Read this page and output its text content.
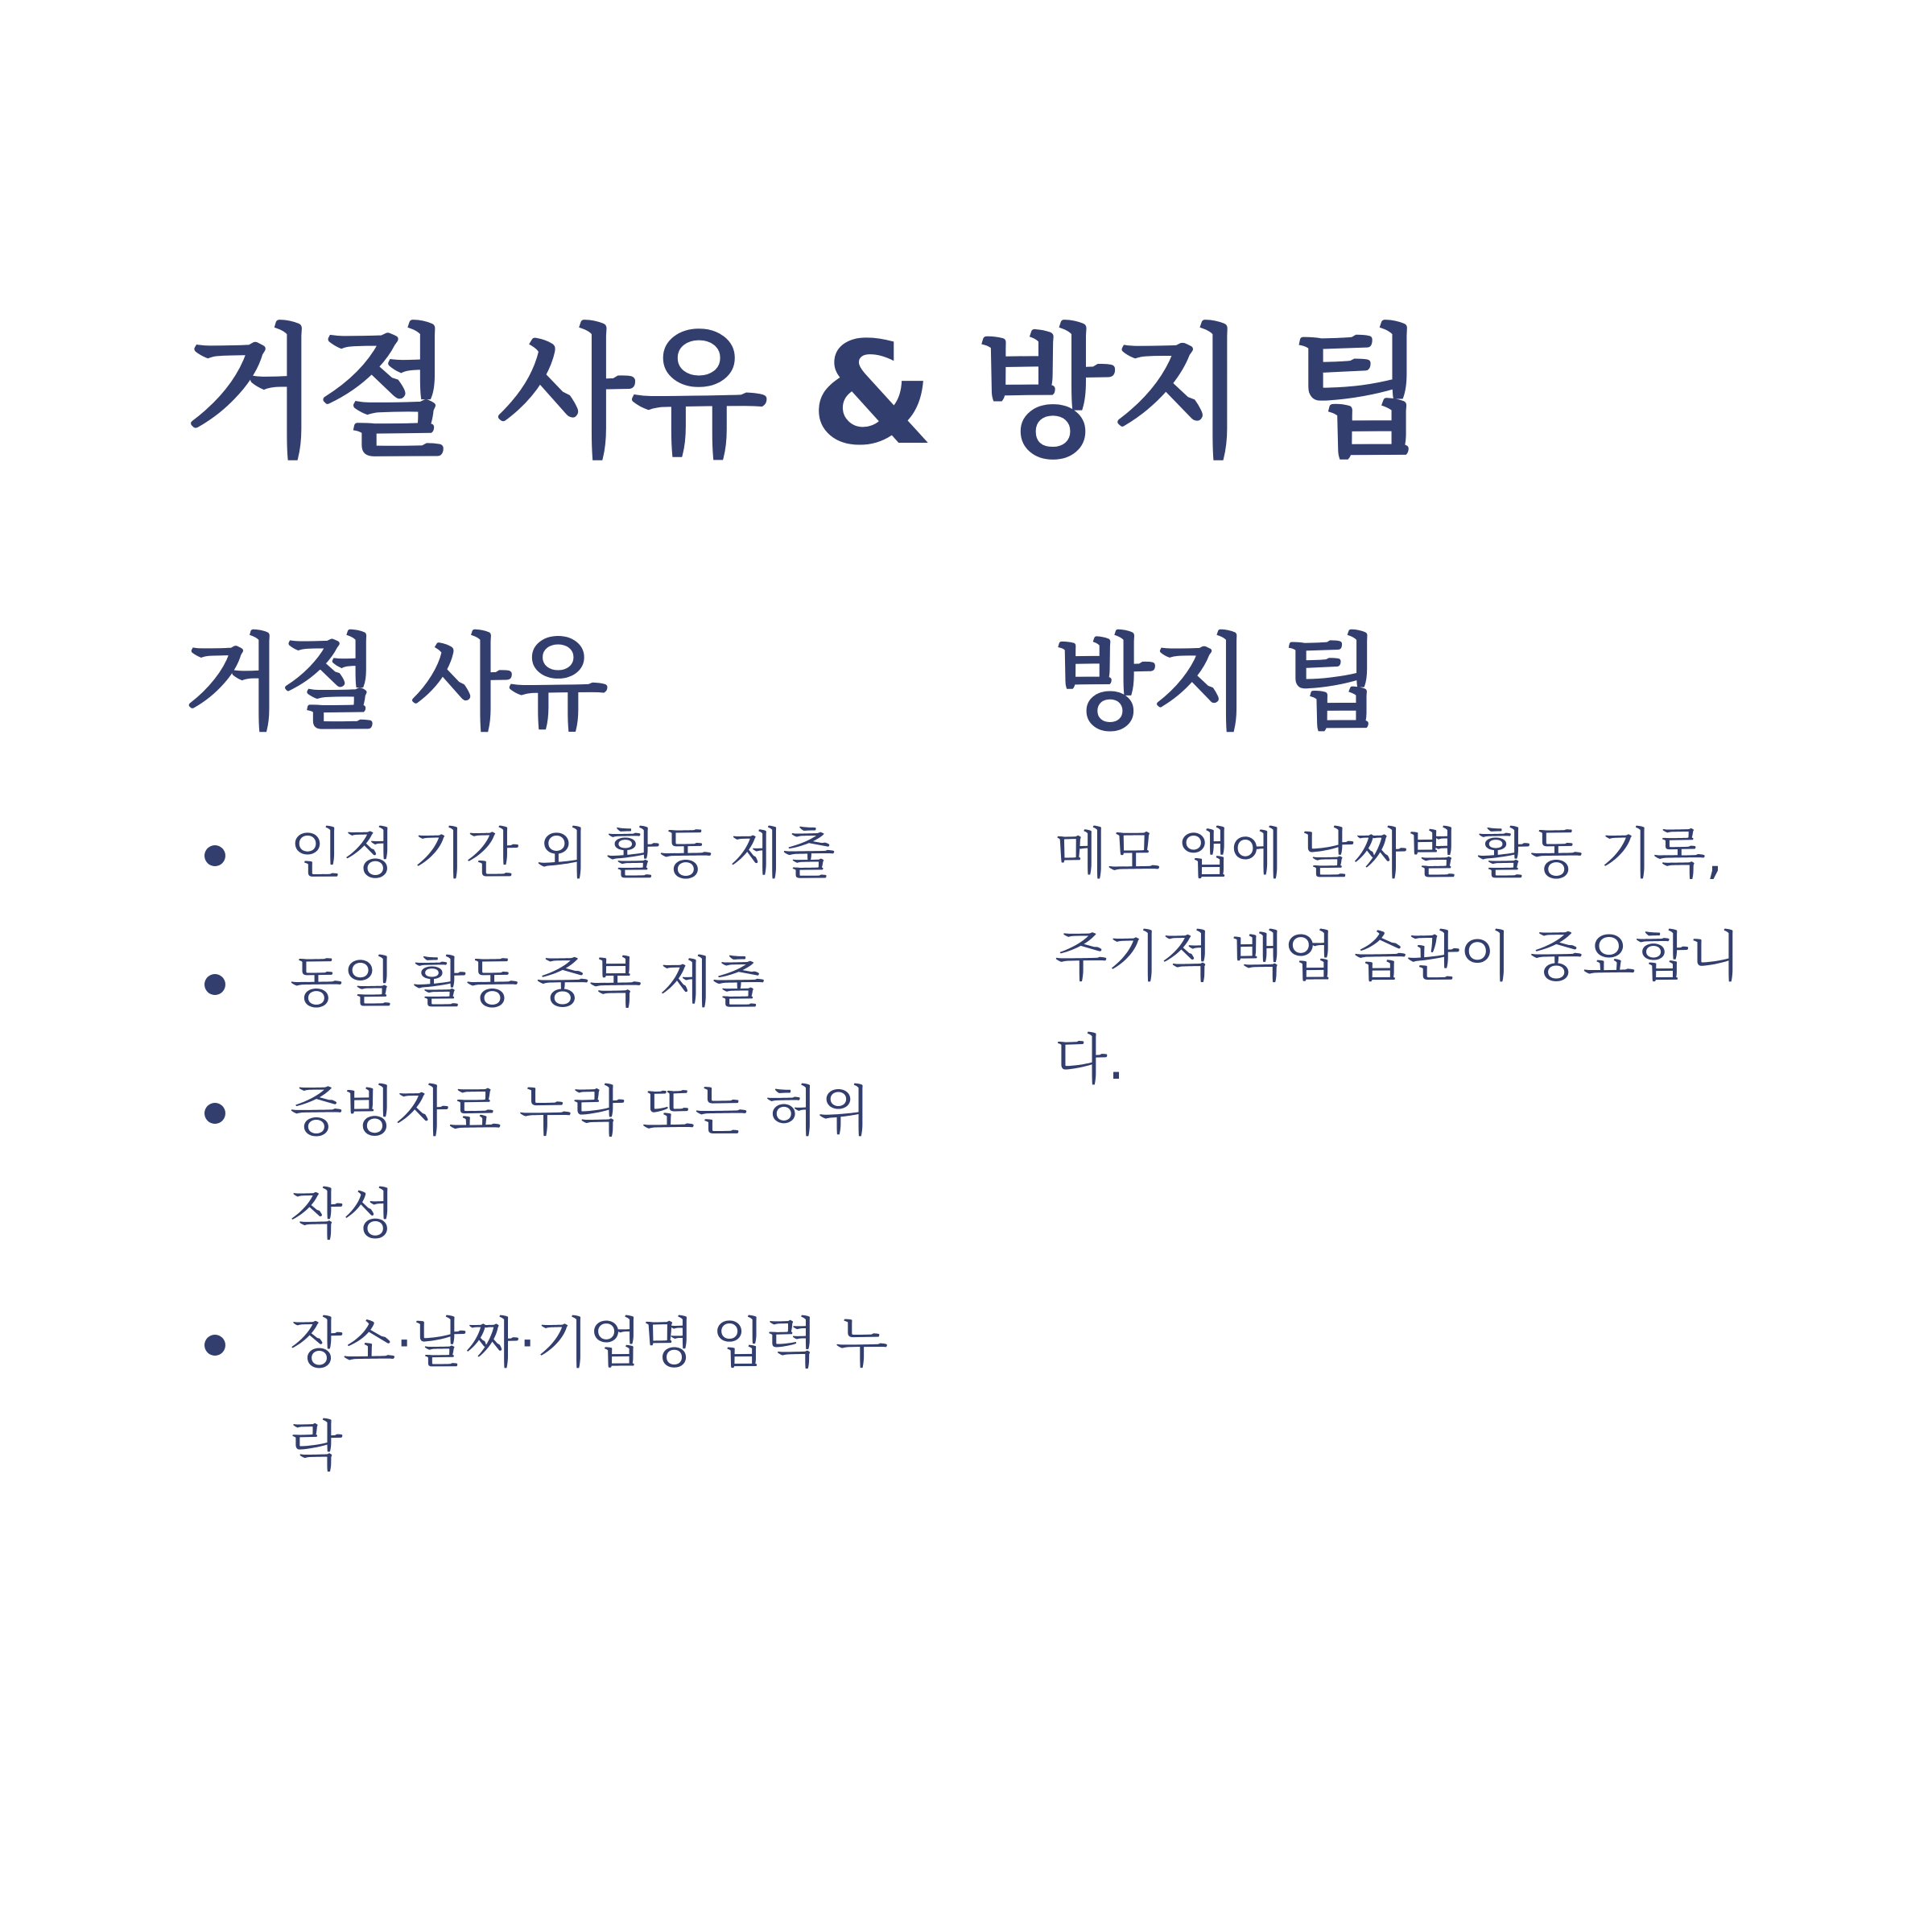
거절 사유 & 방지 팁
거절 사유
인정 기간 외 활동 제출
동일 활동 중복 제출
증빙자료 누락 또는 허위 작성
장소·날짜·기업명 입력 누락
방지 팁

메모 앱에 날짜별 활동 기록, 주기적 백업 습관이 중요합니다.
